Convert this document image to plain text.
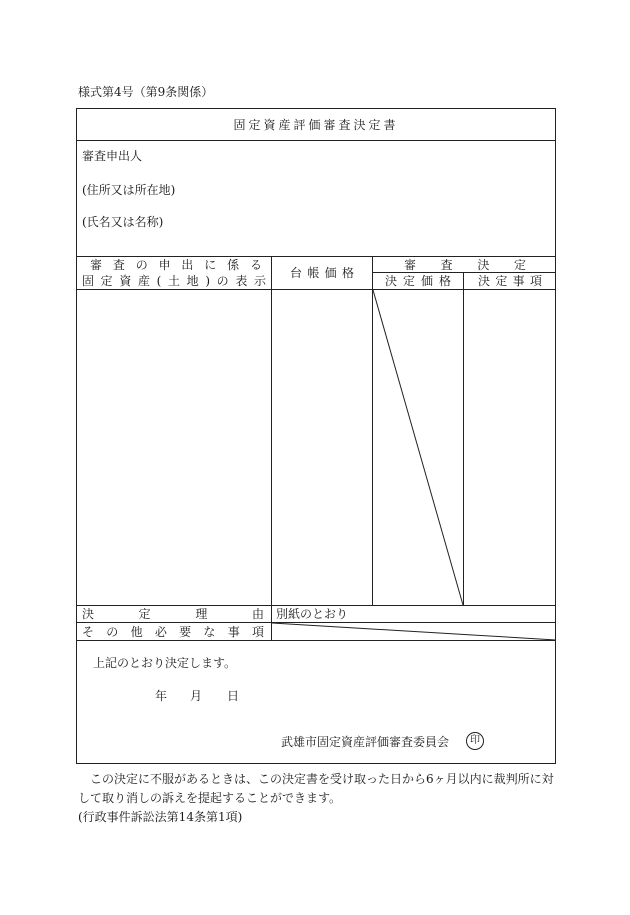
様式第4号（第9条関係）
固定資産評価審査決定書
審査申出人
(住所又は所在地)
(氏名又は名称)
審査の申出に係る
固定資産(土地)の表示
台帳価格
審査決定
決定価格 決定事項
決定理由 別紙のとおり
その他必要な事項
上記のとおり決定します。
年 月 日
武雄市固定資産評価審査委員会	印
この決定に不服があるときは、この決定書を受け取った日から6ヶ月以内に裁判所に対
して取り消しの訴えを提起することができます。
(行政事件訴訟法第14条第1項)
